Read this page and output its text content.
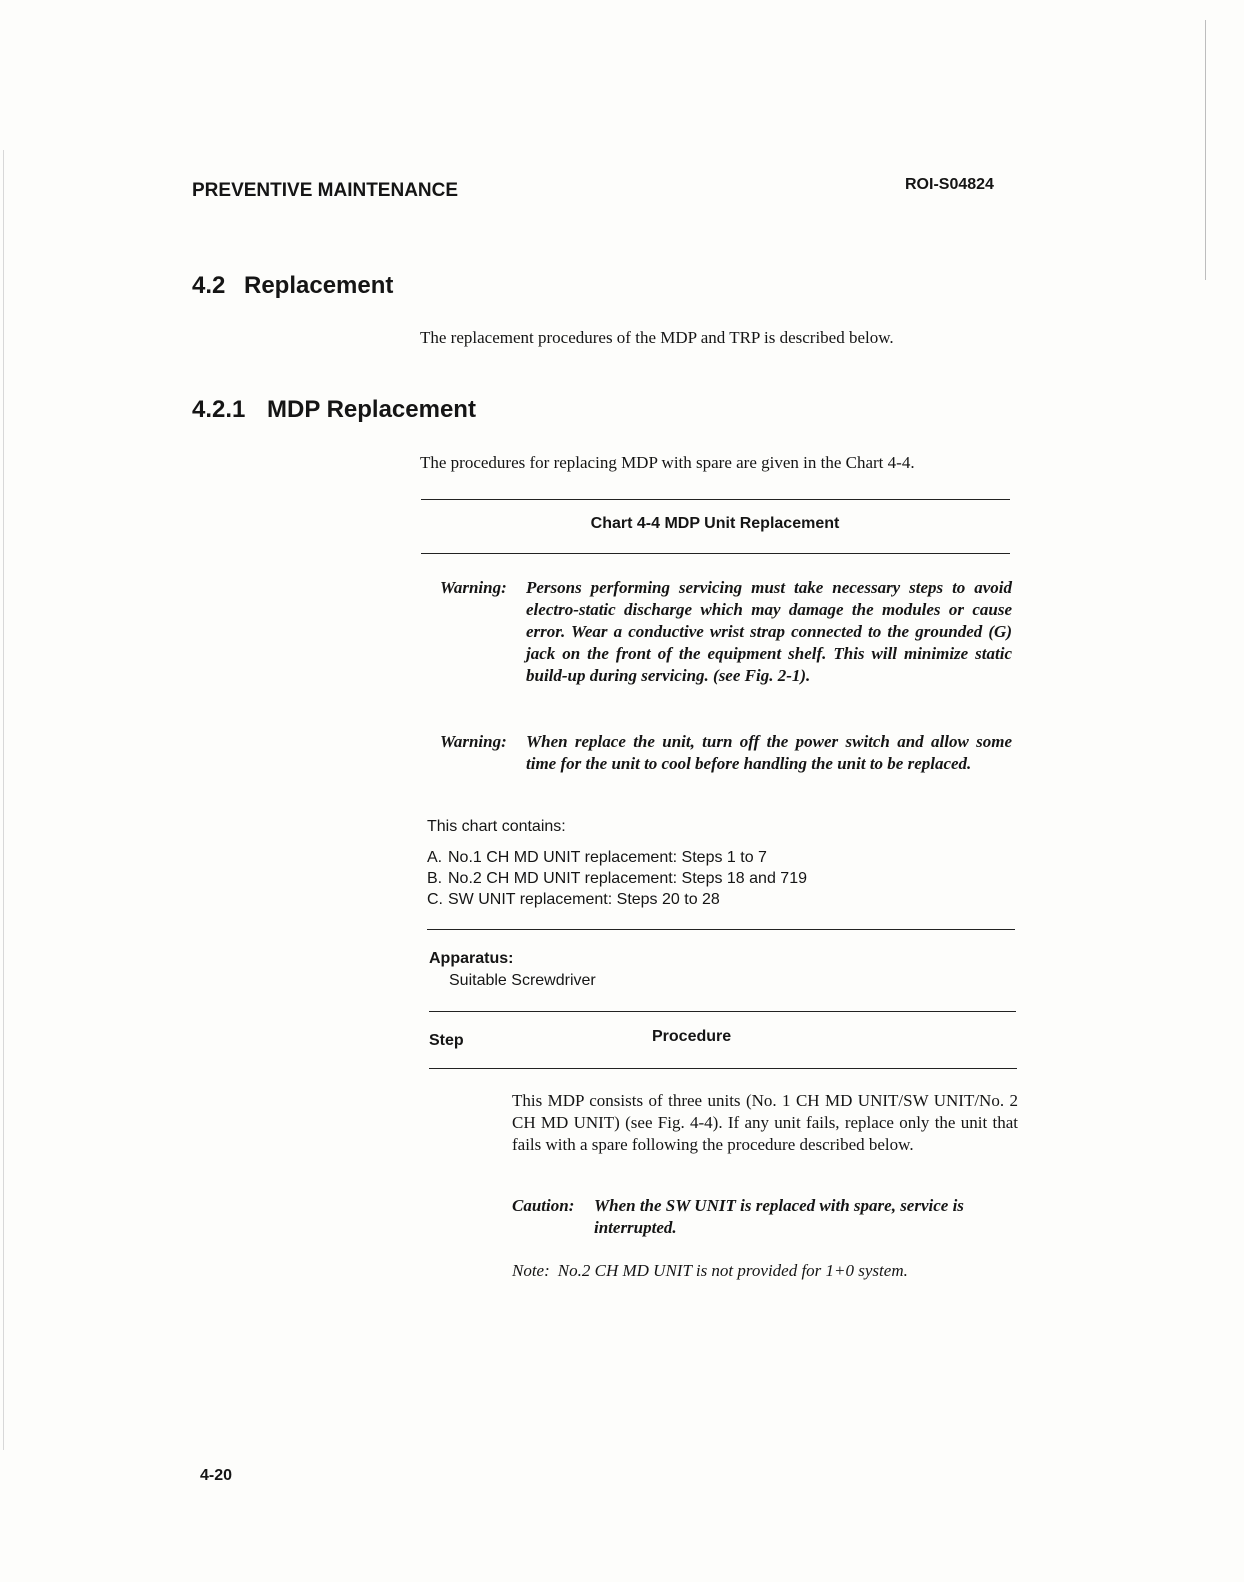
PREVENTIVE MAINTENANCE	ROI-S04824
4.2 Replacement
The replacement procedures of the MDP and TRP is described below.
4.2.1 MDP Replacement
The procedures for replacing MDP with spare are given in the Chart 4-4.
Chart 4-4 MDP Unit Replacement
Warning: Persons performing servicing must take necessary steps to avoid electro-static discharge which may damage the modules or cause error. Wear a conductive wrist strap connected to the grounded (G) jack on the front of the equipment shelf. This will minimize static build-up during servicing. (see Fig. 2-1).
Warning: When replace the unit, turn off the power switch and allow some time for the unit to cool before handling the unit to be replaced.
This chart contains:
A. No.1 CH MD UNIT replacement: Steps 1 to 7
B. No.2 CH MD UNIT replacement: Steps 18 and 719
C. SW UNIT replacement: Steps 20 to 28
Apparatus:
Suitable Screwdriver
Step	Procedure
This MDP consists of three units (No. 1 CH MD UNIT/SW UNIT/No. 2 CH MD UNIT) (see Fig. 4-4). If any unit fails, replace only the unit that fails with a spare following the procedure described below.
Caution: When the SW UNIT is replaced with spare, service is interrupted.
Note: No.2 CH MD UNIT is not provided for 1+0 system.
4-20
